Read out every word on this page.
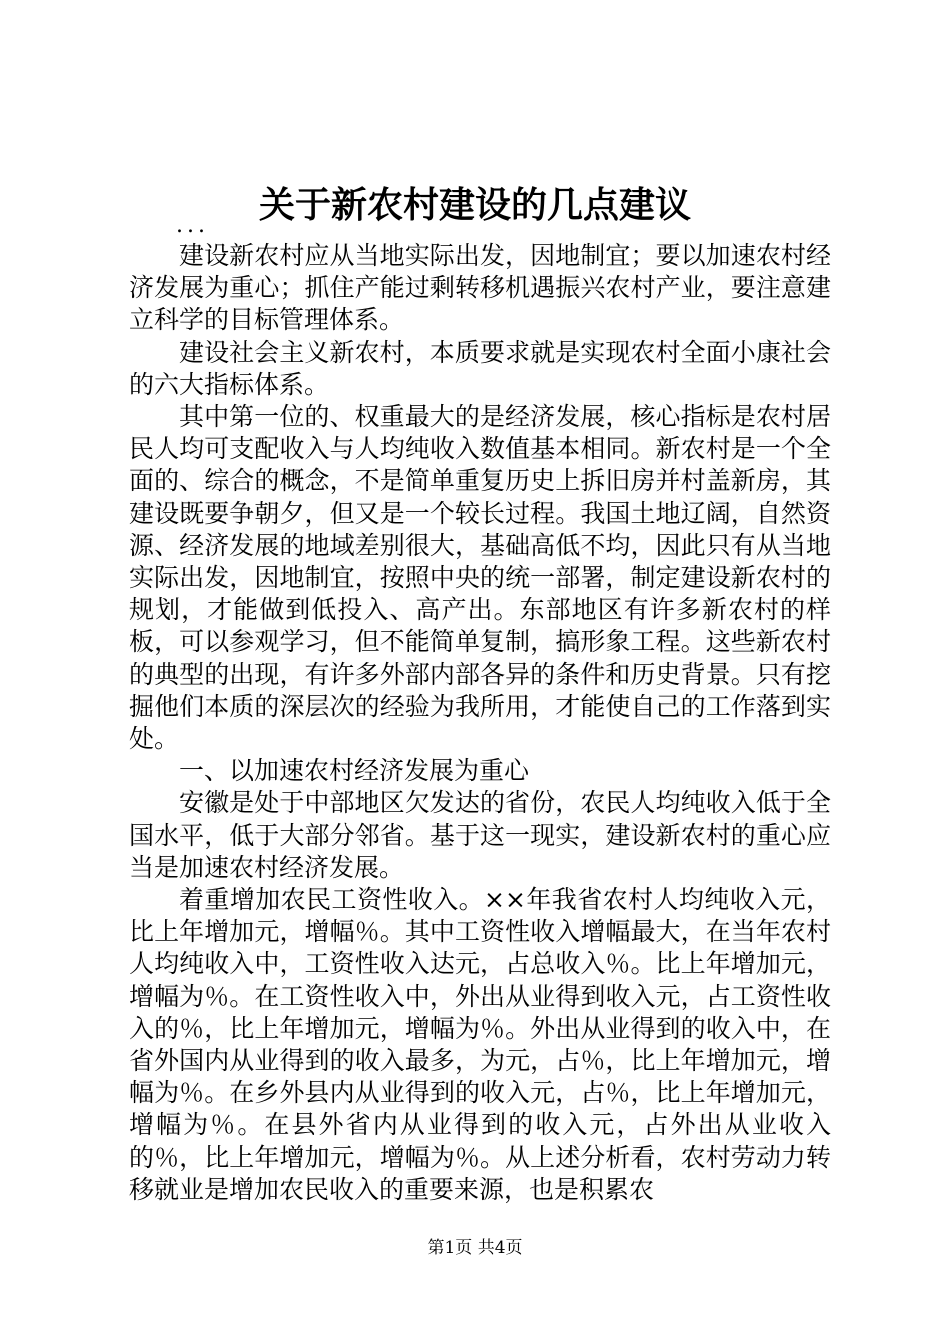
关于新农村建设的几点建议
...

建设新农村应从当地实际出发，因地制宜；要以加速农村经济发展为重心；抓住产能过剩转移机遇振兴农村产业，要注意建立科学的目标管理体系。

建设社会主义新农村，本质要求就是实现农村全面小康社会的六大指标体系。

其中第一位的、权重最大的是经济发展，核心指标是农村居民人均可支配收入与人均纯收入数值基本相同。新农村是一个全面的、综合的概念，不是简单重复历史上拆旧房并村盖新房，其建设既要争朝夕，但又是一个较长过程。我国土地辽阔，自然资源、经济发展的地域差别很大，基础高低不均，因此只有从当地实际出发，因地制宜，按照中央的统一部署，制定建设新农村的规划，才能做到低投入、高产出。东部地区有许多新农村的样板，可以参观学习，但不能简单复制，搞形象工程。这些新农村的典型的出现，有许多外部内部各异的条件和历史背景。只有挖掘他们本质的深层次的经验为我所用，才能使自己的工作落到实处。

一、以加速农村经济发展为重心

安徽是处于中部地区欠发达的省份，农民人均纯收入低于全国水平，低于大部分邻省。基于这一现实，建设新农村的重心应当是加速农村经济发展。

着重增加农民工资性收入。××年我省农村人均纯收入元，比上年增加元，增幅％。其中工资性收入增幅最大，在当年农村人均纯收入中，工资性收入达元，占总收入％。比上年增加元，增幅为％。在工资性收入中，外出从业得到收入元，占工资性收入的％，比上年增加元，增幅为％。外出从业得到的收入中，在省外国内从业得到的收入最多，为元，占％，比上年增加元，增幅为％。在乡外县内从业得到的收入元，占％，比上年增加元，增幅为％。在县外省内从业得到的收入元，占外出从业收入的％，比上年增加元，增幅为％。从上述分析看，农村劳动力转移就业是增加农民收入的重要来源，也是积累农

第1页 共4页
